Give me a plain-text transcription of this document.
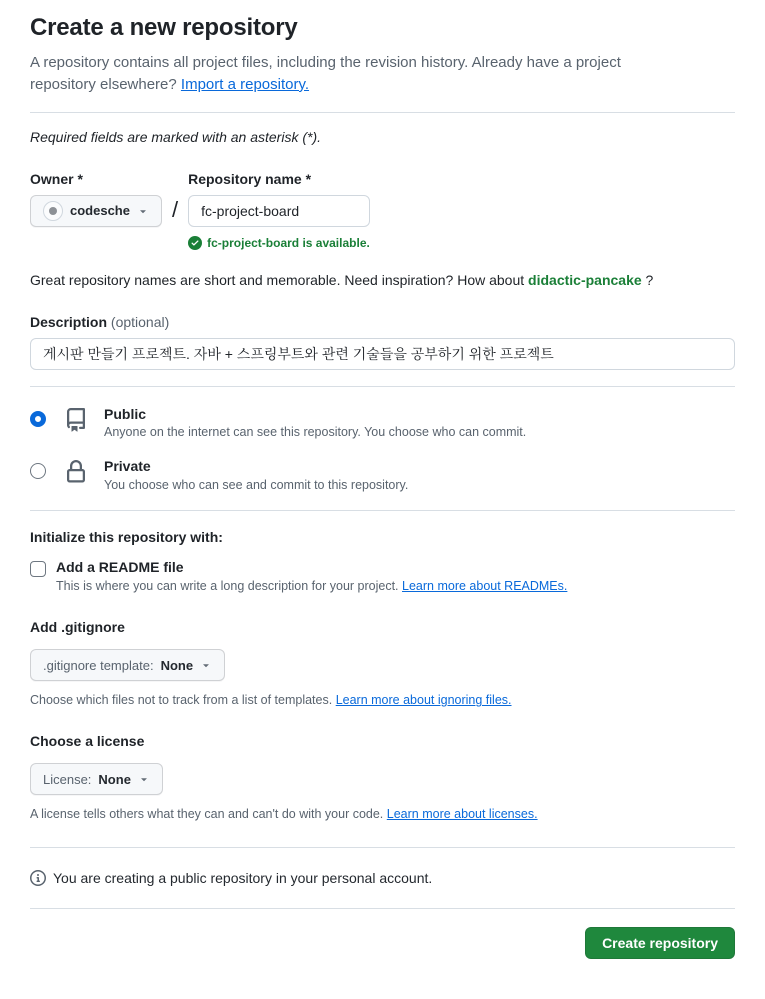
Create a new repository

A repository contains all project files, including the revision history. Already have a project repository elsewhere? Import a repository.

Required fields are marked with an asterisk (*).

Owner *
codesche /
Repository name *
fc-project-board
fc-project-board is available.

Great repository names are short and memorable. Need inspiration? How about didactic-pancake ?

Description (optional)
게시판 만들기 프로젝트. 자바 + 스프링부트와 관련 기술들을 공부하기 위한 프로젝트
Public
Anyone on the internet can see this repository. You choose who can commit.
Private
You choose who can see and commit to this repository.
Initialize this repository with:
Add a README file
This is where you can write a long description for your project. Learn more about READMEs.
Add .gitignore
.gitignore template: None

Choose which files not to track from a list of templates. Learn more about ignoring files.

Choose a license
License: None

A license tells others what they can and can't do with your code. Learn more about licenses.

You are creating a public repository in your personal account.
Create repository
